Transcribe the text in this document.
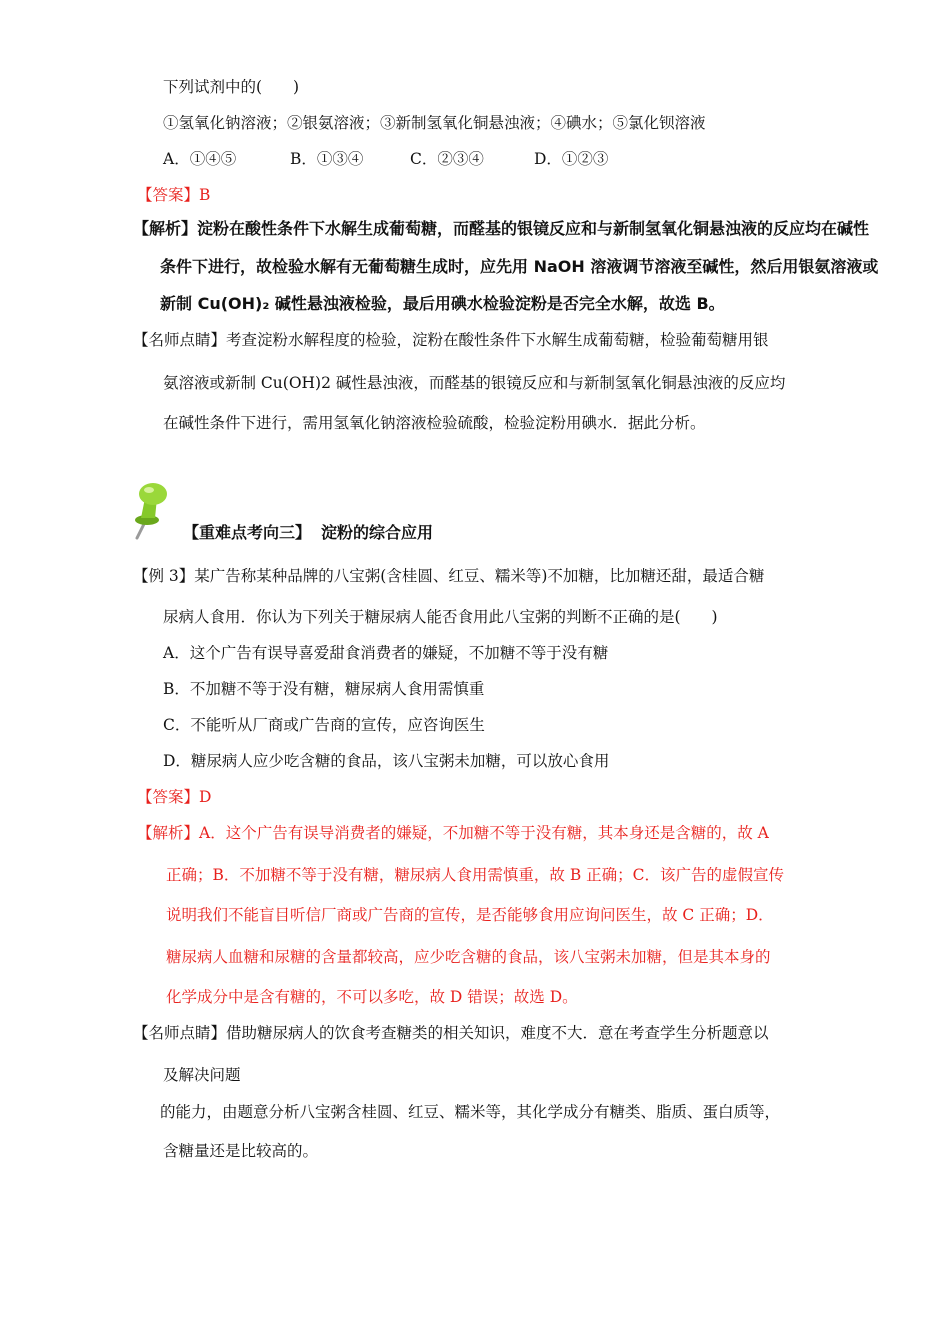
下列试剂中的(　　)
①氢氧化钠溶液；②银氨溶液；③新制氢氧化铜悬浊液；④碘水；⑤氯化钡溶液
A．①④⑤	B．①③④	C．②③④	D．①②③
【答案】B
【解析】淀粉在酸性条件下水解生成葡萄糖，而醛基的银镜反应和与新制氢氧化铜悬浊液的反应均在碱性
条件下进行，故检验水解有无葡萄糖生成时，应先用 NaOH 溶液调节溶液至碱性，然后用银氨溶液或
新制 Cu(OH)₂ 碱性悬浊液检验，最后用碘水检验淀粉是否完全水解，故选 B。
【名师点睛】考查淀粉水解程度的检验，淀粉在酸性条件下水解生成葡萄糖，检验葡萄糖用银
氨溶液或新制 Cu(OH)2 碱性悬浊液，而醛基的银镜反应和与新制氢氧化铜悬浊液的反应均
在碱性条件下进行，需用氢氧化钠溶液检验硫酸，检验淀粉用碘水．据此分析。
【重难点考向三】 淀粉的综合应用
【例 3】某广告称某种品牌的八宝粥(含桂圆、红豆、糯米等)不加糖，比加糖还甜，最适合糖
尿病人食用．你认为下列关于糖尿病人能否食用此八宝粥的判断不正确的是(　　)
A．这个广告有误导喜爱甜食消费者的嫌疑，不加糖不等于没有糖
B．不加糖不等于没有糖，糖尿病人食用需慎重
C．不能听从厂商或广告商的宣传，应咨询医生
D．糖尿病人应少吃含糖的食品，该八宝粥未加糖，可以放心食用
【答案】D
【解析】A．这个广告有误导消费者的嫌疑，不加糖不等于没有糖，其本身还是含糖的，故 A
正确；B．不加糖不等于没有糖，糖尿病人食用需慎重，故 B 正确；C．该广告的虚假宣传
说明我们不能盲目听信厂商或广告商的宣传，是否能够食用应询问医生，故 C 正确；D．
糖尿病人血糖和尿糖的含量都较高，应少吃含糖的食品，该八宝粥未加糖，但是其本身的
化学成分中是含有糖的，不可以多吃，故 D 错误；故选 D。
【名师点睛】借助糖尿病人的饮食考查糖类的相关知识，难度不大．意在考查学生分析题意以
及解决问题
的能力，由题意分析八宝粥含桂圆、红豆、糯米等，其化学成分有糖类、脂质、蛋白质等，
含糖量还是比较高的。
